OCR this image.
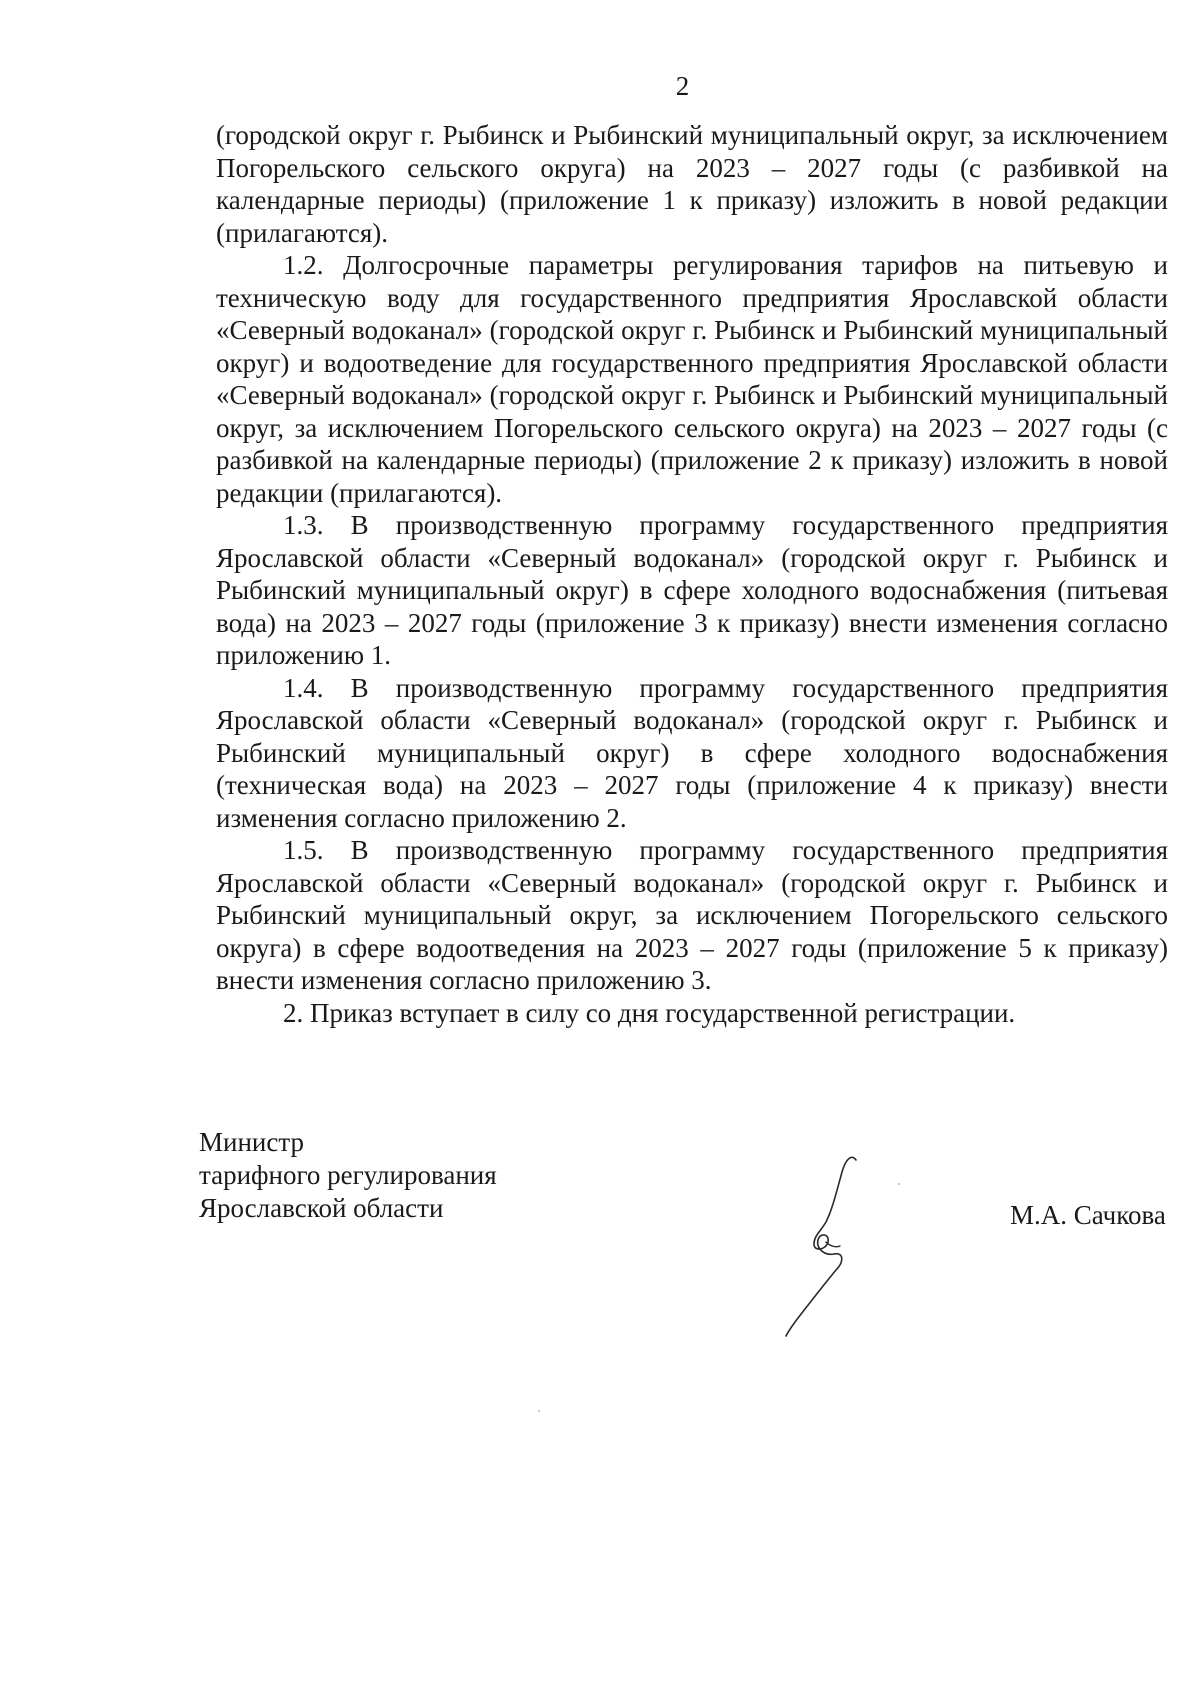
2

(городской округ г. Рыбинск и Рыбинский муниципальный округ, за исключением Погорельского сельского округа) на 2023 – 2027 годы (с разбивкой на календарные периоды) (приложение 1 к приказу) изложить в новой редакции (прилагаются).

1.2. Долгосрочные параметры регулирования тарифов на питьевую и техническую воду для государственного предприятия Ярославской области «Северный водоканал» (городской округ г. Рыбинск и Рыбинский муниципальный округ) и водоотведение для государственного предприятия Ярославской области «Северный водоканал» (городской округ г. Рыбинск и Рыбинский муниципальный округ, за исключением Погорельского сельского округа) на 2023 – 2027 годы (с разбивкой на календарные периоды) (приложение 2 к приказу) изложить в новой редакции (прилагаются).

1.3. В производственную программу государственного предприятия Ярославской области «Северный водоканал» (городской округ г. Рыбинск и Рыбинский муниципальный округ) в сфере холодного водоснабжения (питьевая вода) на 2023 – 2027 годы (приложение 3 к приказу) внести изменения согласно приложению 1.

1.4. В производственную программу государственного предприятия Ярославской области «Северный водоканал» (городской округ г. Рыбинск и Рыбинский муниципальный округ) в сфере холодного водоснабжения (техническая вода) на 2023 – 2027 годы (приложение 4 к приказу) внести изменения согласно приложению 2.

1.5. В производственную программу государственного предприятия Ярославской области «Северный водоканал» (городской округ г. Рыбинск и Рыбинский муниципальный округ, за исключением Погорельского сельского округа) в сфере водоотведения на 2023 – 2027 годы (приложение 5 к приказу) внести изменения согласно приложению 3.

2. Приказ вступает в силу со дня государственной регистрации.

Министр
тарифного регулирования
Ярославской области	М.А. Сачкова
